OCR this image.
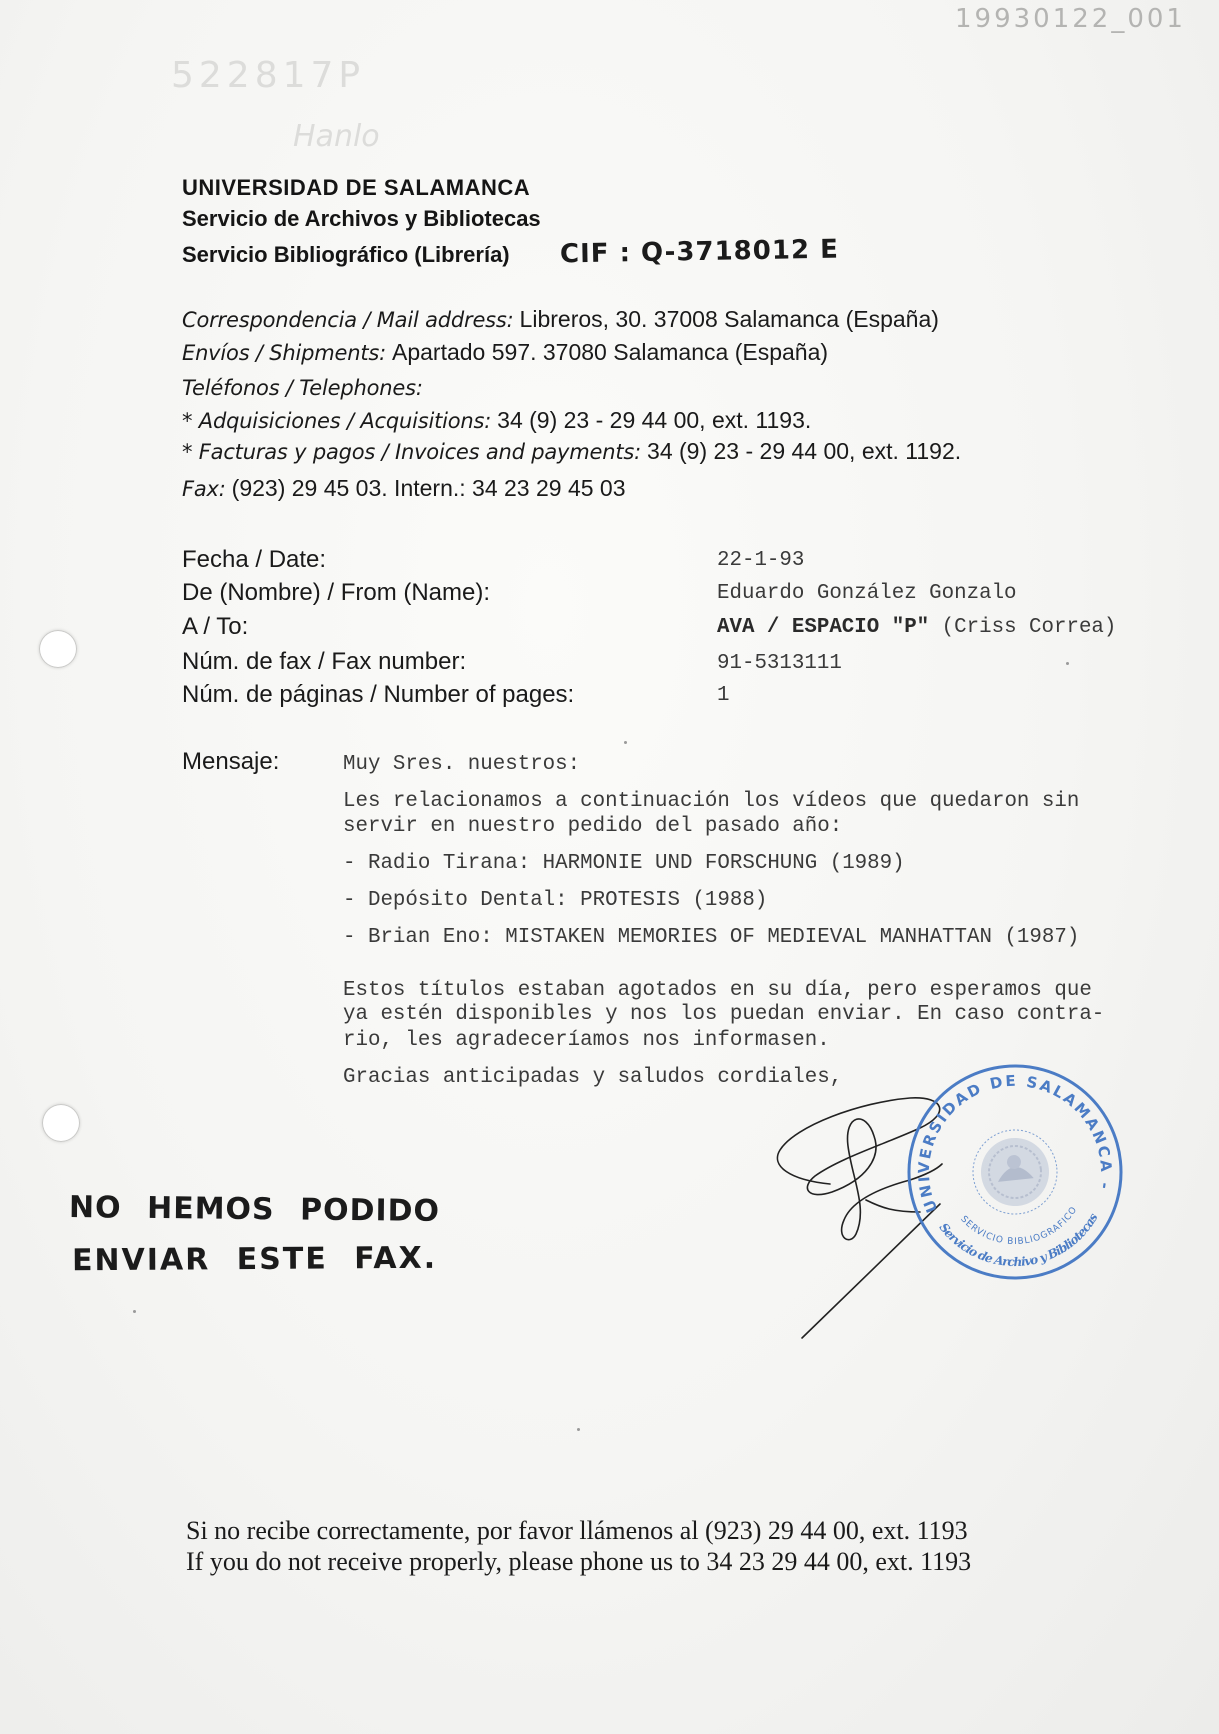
19930122_001
522817P
Hanlo
UNIVERSIDAD DE SALAMANCA
Servicio de Archivos y Bibliotecas
Servicio Bibliográfico (Librería) CIF : Q-3718012 E
Correspondencia / Mail address: Libreros, 30. 37008 Salamanca (España)
Envíos / Shipments: Apartado 597. 37080 Salamanca (España)
Teléfonos / Telephones:
* Adquisiciones / Acquisitions: 34 (9) 23 - 29 44 00, ext. 1193.
* Facturas y pagos / Invoices and payments: 34 (9) 23 - 29 44 00, ext. 1192.
Fax: (923) 29 45 03. Intern.: 34 23 29 45 03
Fecha / Date:	22-1-93
De (Nombre) / From (Name):	Eduardo González Gonzalo
A / To:	AVA / ESPACIO "P" (Criss Correa)
Núm. de fax / Fax number:	91-5313111
Núm. de páginas / Number of pages:	1
Mensaje:	Muy Sres. nuestros:
Les relacionamos a continuación los vídeos que quedaron sin
servir en nuestro pedido del pasado año:
- Radio Tirana: HARMONIE UND FORSCHUNG (1989)
- Depósito Dental: PROTESIS (1988)
- Brian Eno: MISTAKEN MEMORIES OF MEDIEVAL MANHATTAN (1987)
Estos títulos estaban agotados en su día, pero esperamos que
ya estén disponibles y nos los puedan enviar. En caso contra-
rio, les agradeceríamos nos informasen.
Gracias anticipadas y saludos cordiales,
UNIVERSIDAD DE SALAMANCA -
Servicio de Archivo y Bibliotecas
SERVICIO BIBLIOGRAFICO
NO HEMOS PODIDO
ENVIAR ESTE FAX.
Si no recibe correctamente, por favor llámenos al (923) 29 44 00, ext. 1193
If you do not receive properly, please phone us to 34 23 29 44 00, ext. 1193
